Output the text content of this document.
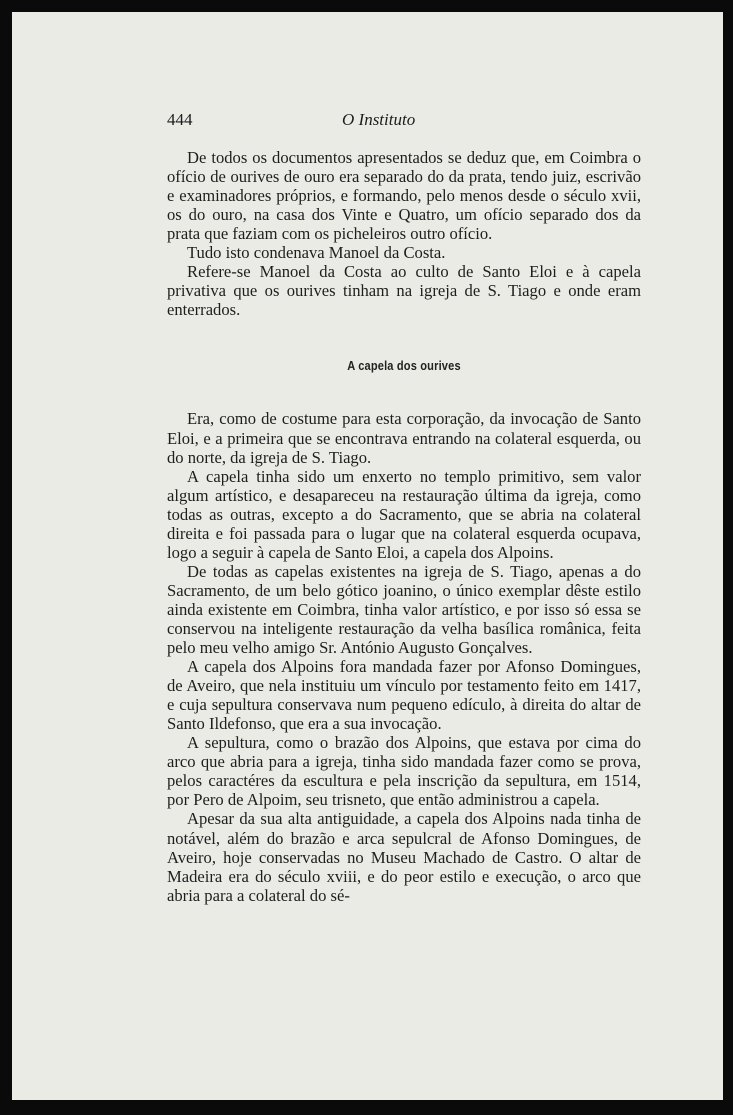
444	O Instituto

De todos os documentos apresentados se deduz que, em Coimbra o ofício de ourives de ouro era separado do da prata, tendo juiz, escrivão e examinadores próprios, e formando, pelo menos desde o século xvii, os do ouro, na casa dos Vinte e Quatro, um ofício separado dos da prata que faziam com os picheleiros outro ofício.

Tudo isto condenava Manoel da Costa.

Refere-se Manoel da Costa ao culto de Santo Eloi e à capela privativa que os ourives tinham na igreja de S. Tiago e onde eram enterrados.

A capela dos ourives

Era, como de costume para esta corporação, da invocação de Santo Eloi, e a primeira que se encontrava entrando na colateral esquerda, ou do norte, da igreja de S. Tiago.

A capela tinha sido um enxerto no templo primitivo, sem valor algum artístico, e desapareceu na restauração última da igreja, como todas as outras, excepto a do Sacramento, que se abria na colateral direita e foi passada para o lugar que na colateral esquerda ocupava, logo a seguir à capela de Santo Eloi, a capela dos Alpoins.

De todas as capelas existentes na igreja de S. Tiago, apenas a do Sacramento, de um belo gótico joanino, o único exemplar dêste estilo ainda existente em Coimbra, tinha valor artístico, e por isso só essa se conservou na inteligente restauração da velha basílica românica, feita pelo meu velho amigo Sr. António Augusto Gonçalves.

A capela dos Alpoins fora mandada fazer por Afonso Domingues, de Aveiro, que nela instituiu um vínculo por testamento feito em 1417, e cuja sepultura conservava num pequeno edículo, à direita do altar de Santo Ildefonso, que era a sua invocação.

A sepultura, como o brazão dos Alpoins, que estava por cima do arco que abria para a igreja, tinha sido mandada fazer como se prova, pelos caractéres da escultura e pela inscrição da sepultura, em 1514, por Pero de Alpoim, seu trisneto, que então administrou a capela.

Apesar da sua alta antiguidade, a capela dos Alpoins nada tinha de notável, além do brazão e arca sepulcral de Afonso Domingues, de Aveiro, hoje conservadas no Museu Machado de Castro. O altar de Madeira era do século xviii, e do peor estilo e execução, o arco que abria para a colateral do sé-
